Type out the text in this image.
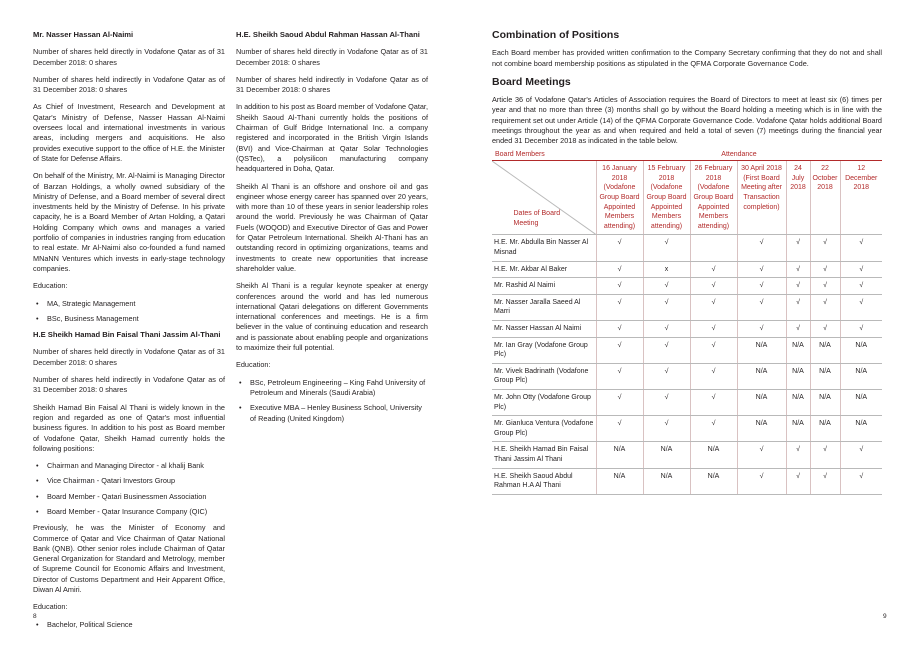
Mr. Nasser Hassan Al-Naimi

Number of shares held directly in Vodafone Qatar as of 31 December 2018: 0 shares

Number of shares held indirectly in Vodafone Qatar as of 31 December 2018: 0 shares

As Chief of Investment, Research and Development at Qatar's Ministry of Defense, Nasser Hassan Al-Naimi oversees local and international investments in various areas, including mergers and acquisitions. He also provides executive support to the office of H.E. the Minister of State for Defense Affairs.

On behalf of the Ministry, Mr. Al-Naimi is Managing Director of Barzan Holdings, a wholly owned subsidiary of the Ministry of Defense, and a Board member of several direct investments held by the Ministry of Defense. In his private capacity, he is a Board Member of Artan Holding, a Qatari Holding Company which owns and manages a varied portfolio of companies in industries ranging from education to real estate. Mr Al-Naimi also co-founded a fund named MNaNN Ventures which invests in early-stage technology companies.

Education:

• MA, Strategic Management
• BSc, Business Management
H.E Sheikh Hamad Bin Faisal Thani Jassim Al-Thani

Number of shares held directly in Vodafone Qatar as of 31 December 2018: 0 shares

Number of shares held indirectly in Vodafone Qatar as of 31 December 2018: 0 shares

Sheikh Hamad Bin Faisal Al Thani is widely known in the region and regarded as one of Qatar's most influential business figures. In addition to his post as Board member of Vodafone Qatar, Sheikh Hamad currently holds the following positions:

• Chairman and Managing Director - al khalij Bank
• Vice Chairman - Qatari Investors Group
• Board Member - Qatari Businessmen Association
• Board Member - Qatar Insurance Company (QIC)

Previously, he was the Minister of Economy and Commerce of Qatar and Vice Chairman of Qatar National Bank (QNB). Other senior roles include Chairman of Qatar General Organization for Standard and Metrology, member of Supreme Council for Economic Affairs and Investment, Director of Customs Department and Heir Apparent Office, Diwan Al Amiri.

Education:

• Bachelor, Political Science
H.E. Sheikh Saoud Abdul Rahman Hassan Al-Thani

Number of shares held directly in Vodafone Qatar as of 31 December 2018: 0 shares

Number of shares held indirectly in Vodafone Qatar as of 31 December 2018: 0 shares

In addition to his post as Board member of Vodafone Qatar, Sheikh Saoud Al-Thani currently holds the positions of Chairman of Gulf Bridge International Inc. a company registered and incorporated in the British Virgin Islands (BVI) and Vice-Chairman at Qatar Solar Technologies (QSTec), a polysilicon manufacturing company headquartered in Doha, Qatar.

Sheikh Al Thani is an offshore and onshore oil and gas engineer whose energy career has spanned over 20 years, with more than 10 of these years in senior leadership roles around the world. Previously he was Chairman of Qatar Fuels (WOQOD) and Executive Director of Gas and Power for Qatar Petroleum International. Sheikh Al-Thani has an outstanding record in optimizing organizations, teams and investments to create new opportunities that increase shareholder value.

Sheikh Al Thani is a regular keynote speaker at energy conferences around the world and has led numerous international Qatari delegations on different Governments international conferences and meetings. He is a firm believer in the value of continuing education and research and is passionate about enabling people and organizations to maximize their full potential.

Education:

• BSc, Petroleum Engineering – King Fahd University of Petroleum and Minerals (Saudi Arabia)
• Executive MBA – Henley Business School, University of Reading (United Kingdom)
8
Combination of Positions

Each Board member has provided written confirmation to the Company Secretary confirming that they do not and shall not combine board membership positions as stipulated in the QFMA Corporate Governance Code.

Board Meetings

Article 36 of Vodafone Qatar's Articles of Association requires the Board of Directors to meet at least six (6) times per year and that no more than three (3) months shall go by without the Board holding a meeting which is in line with the requirement set out under Article (14) of the QFMA Corporate Governance Code. Vodafone Qatar holds additional Board meetings throughout the year as and when required and held a total of seven (7) meetings during the financial year ended 31 December 2018 as indicated in the table below.

Board Members	Attendance						

Dates of Board Meeting	16 January 2018 (Vodafone Group Board Appointed Members attending)	15 February 2018 (Vodafone Group Board Appointed Members attending)	26 February 2018 (Vodafone Group Board Appointed Members attending)	30 April 2018 (First Board Meeting after Transaction completion)	24 July 2018	22 October 2018	12 December 2018
H.E. Mr. Abdulla Bin Nasser Al Misnad	√	√		√	√	√	√
H.E. Mr. Akbar Al Baker	√	x	√	√	√	√	√
Mr. Rashid Al Naimi	√	√	√	√	√	√	√
Mr. Nasser Jaralla Saeed Al Marri	√	√	√	√	√	√	√
Mr. Nasser Hassan Al Naimi	√	√	√	√	√	√	√
Mr. Ian Gray (Vodafone Group Plc)	√	√	√	N/A	N/A	N/A	N/A
Mr. Vivek Badrinath (Vodafone Group Plc)	√	√	√	N/A	N/A	N/A	N/A
Mr. John Otty (Vodafone Group Plc)	√	√	√	N/A	N/A	N/A	N/A
Mr. Gianluca Ventura (Vodafone Group Plc)	√	√	√	N/A	N/A	N/A	N/A
H.E. Sheikh Hamad Bin Faisal Thani Jassim Al Thani	N/A	N/A	N/A	√	√	√	√
H.E. Sheikh Saoud Abdul Rahman H.A Al Thani	N/A	N/A	N/A	√	√	√	√
9
